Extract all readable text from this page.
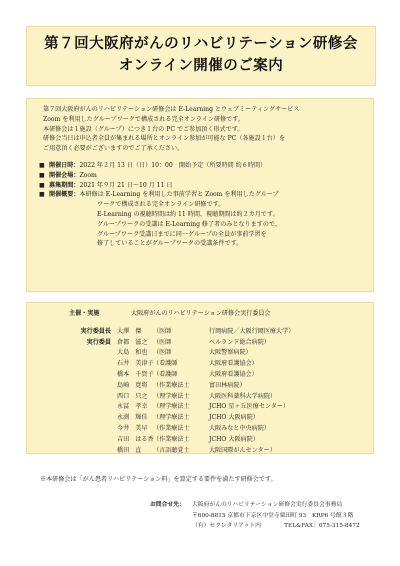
第７回大阪府がんのリハビリテーション研修会
オンライン開催のご案内

第７回大阪府がんのリハビリテーション研修会は E-Learning とウェブミーティングサービス

Zoom を利用したグループワークで構成される完全オンライン研修です。

本研修会は１施設（グループ）につき１台の PC でご参加頂く形式です。

研修会当日は申込者全員が集まれる場所とオンライン参加が可能な PC（各施設１台）を

ご用意頂く必要がございますのでご了承ください。

■ 開催日時： 2022 年２月 13 日（日）10：00　開始予定（所要時間 約６時間）
■ 開催会場： Zoom
■ 募集期間： 2021 年９月 21 日〜10 月 11 日
■ 開催概要： 本研修は E-Learning を利用した事前学習と Zoom を利用したグループ

ワークで構成される完全オンライン研修です。

E-Learning の視聴時間は約 11 時間、視聴期間は約２カ月です。

グループワークの受講は E-Learning 修了者のみとなりますので、

グループワーク受講日までに同一グループの全員が事前学習を

修了していることがグループワークの受講条件です。

主催・実施	大阪府がんのリハビリテーション研修会実行委員会
実行委員長 大澤　傑	（医師	行岡病院／大阪行岡医療大学）
実行委員 倉都　滋之 （医師	ベルランド総合病院）
大島　和也 （医師	大阪警察病院）
石井　美津子 （看護師	大阪府看護協会）
橋本　千賀子 （看護師	大阪府看護協会）
島崎　寛将 （作業療法士	富田林病院）
西口　只之 （理学療法士	大阪医科薬科大学病院）
永冨　孝幸 （理学療法士	JCHO 星ヶ丘医療センター）
永渕　輝佳 （理学療法士	JCHO 大阪病院）
今井　美早 （作業療法士	大阪みなと中央病院）
吉田　はる香 （作業療法士	JCHO 大阪病院）
橋田　直	（言語聴覚士	大阪国際がんセンター）
※本研修会は「がん患者リハビリテーション料」を算定する要件を満たす研修会です。
お問合せ先：	大阪府がんのリハビリテーション研修会実行委員会事務局
〒600-8815 京都市下京区中堂寺粟田町 93　KRP6 号館３階
（有）セクレタリアット内　　　　TEL&FAX：075-315-8472
